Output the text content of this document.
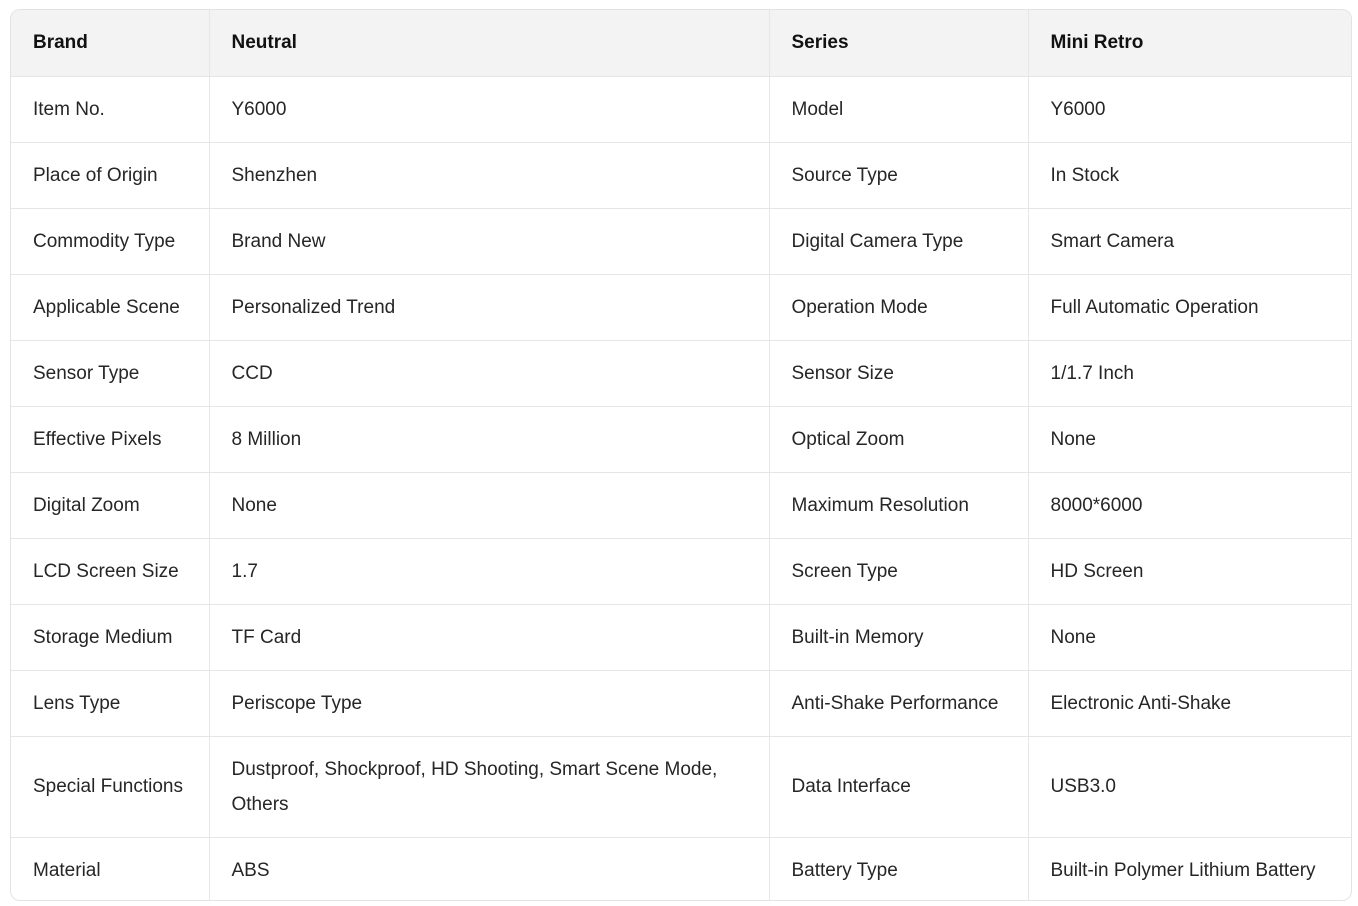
Brand	Neutral	Series	Mini Retro
Item No.	Y6000	Model	Y6000
Place of Origin	Shenzhen	Source Type	In Stock
Commodity Type	Brand New	Digital Camera Type	Smart Camera
Applicable Scene	Personalized Trend	Operation Mode	Full Automatic Operation
Sensor Type	CCD	Sensor Size	1/1.7 Inch
Effective Pixels	8 Million	Optical Zoom	None
Digital Zoom	None	Maximum Resolution	8000*6000
LCD Screen Size	1.7	Screen Type	HD Screen
Storage Medium	TF Card	Built-in Memory	None
Lens Type	Periscope Type	Anti-Shake Performance	Electronic Anti-Shake
Special Functions	Dustproof, Shockproof, HD Shooting, Smart Scene Mode, Others	Data Interface	USB3.0
Material	ABS	Battery Type	Built-in Polymer Lithium Battery
